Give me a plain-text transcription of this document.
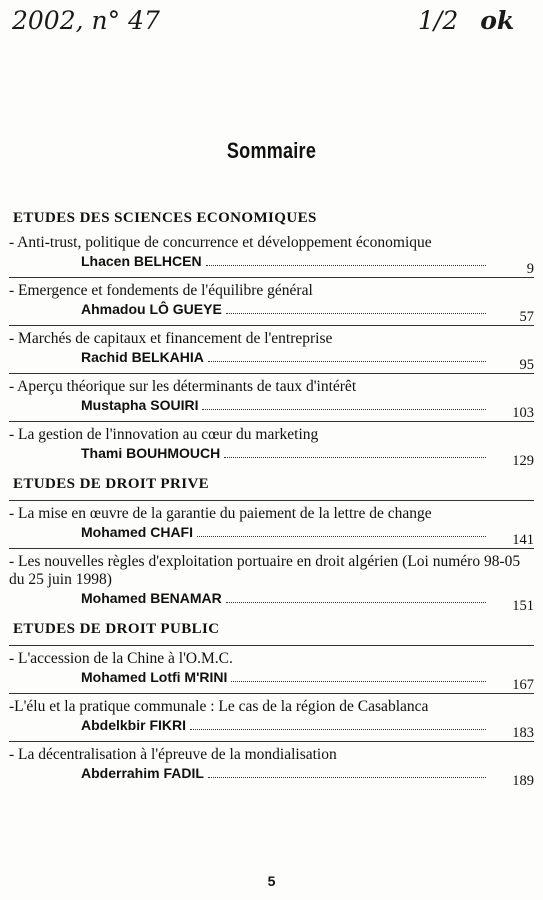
2002, n° 47	1/2 ok
Sommaire
ETUDES DES SCIENCES ECONOMIQUES
- Anti-trust, politique de concurrence et développement économique
Lhacen BELHCEN	9
- Emergence et fondements de l'équilibre général
Ahmadou LÔ GUEYE	57
- Marchés de capitaux et financement de l'entreprise
Rachid BELKAHIA	95
- Aperçu théorique sur les déterminants de taux d'intérêt
Mustapha SOUIRI	103
- La gestion de l'innovation au cœur du marketing
Thami BOUHMOUCH	129
ETUDES DE DROIT PRIVE
- La mise en œuvre de la garantie du paiement de la lettre de change
Mohamed CHAFI	141
- Les nouvelles règles d'exploitation portuaire en droit algérien (Loi numéro 98-05 du 25 juin 1998)
Mohamed BENAMAR	151
ETUDES DE DROIT PUBLIC
- L'accession de la Chine à l'O.M.C.
Mohamed Lotfi M'RINI	167
-L'élu et la pratique communale : Le cas de la région de Casablanca
Abdelkbir FIKRI	183
- La décentralisation à l'épreuve de la mondialisation
Abderrahim FADIL	189
5
